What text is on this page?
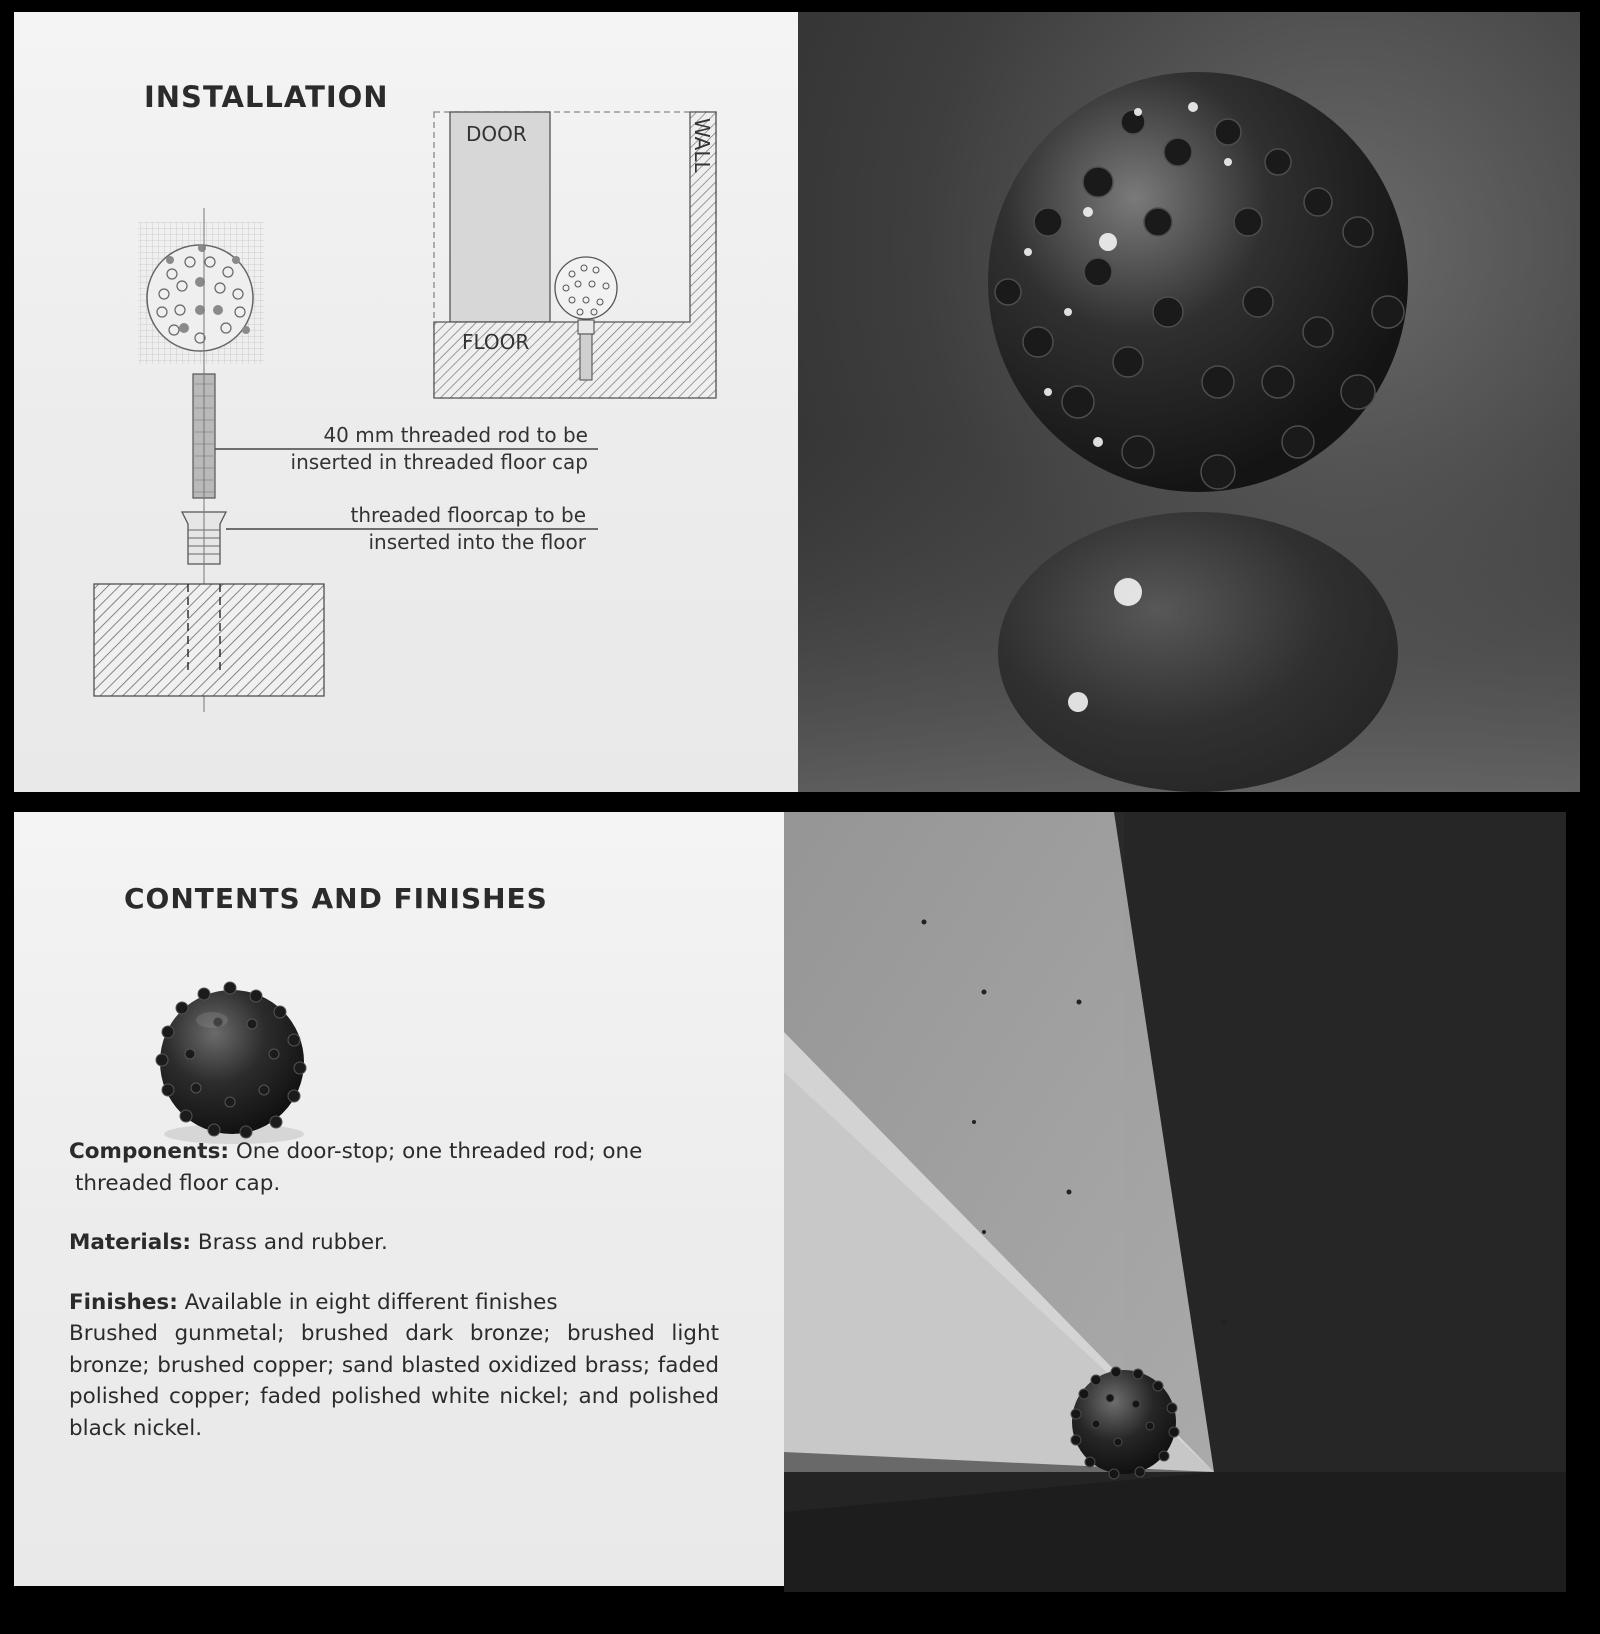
INSTALLATION
DOOR
FLOOR
WALL
40 mm threaded rod to be
inserted in threaded floor cap
threaded floorcap to be
inserted into the floor
CONTENTS AND FINISHES

Components: One door-stop; one threaded rod; one
threaded floor cap.

Materials: Brass and rubber.

Finishes: Available in eight different finishes

Brushed gunmetal; brushed dark bronze; brushed light bronze; brushed copper; sand blasted oxidized brass; faded polished copper; faded polished white nickel; and polished black nickel.
